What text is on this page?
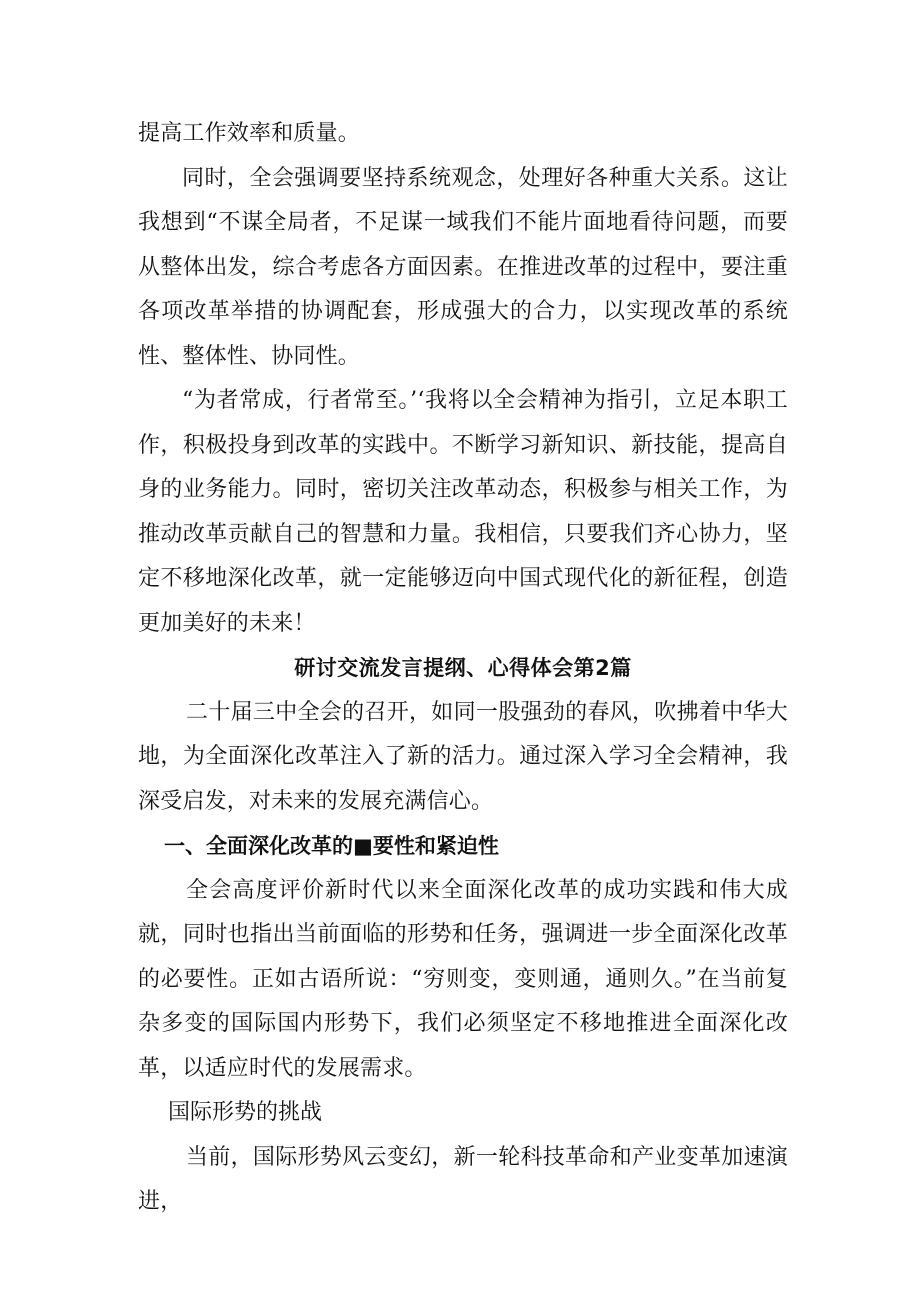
提高工作效率和质量。

同时，全会强调要坚持系统观念，处理好各种重大关系。这让我想到“不谋全局者，不足谋一域我们不能片面地看待问题，而要从整体出发，综合考虑各方面因素。在推进改革的过程中，要注重各项改革举措的协调配套，形成强大的合力，以实现改革的系统性、整体性、协同性。

“为者常成，行者常至。’‘我将以全会精神为指引，立足本职工作，积极投身到改革的实践中。不断学习新知识、新技能，提高自身的业务能力。同时，密切关注改革动态，积极参与相关工作，为推动改革贡献自己的智慧和力量。我相信，只要我们齐心协力，坚定不移地深化改革，就一定能够迈向中国式现代化的新征程，创造更加美好的未来！

研讨交流发言提纲、心得体会第2篇

二十届三中全会的召开，如同一股强劲的春风，吹拂着中华大地，为全面深化改革注入了新的活力。通过深入学习全会精神，我深受启发，对未来的发展充满信心。

一、全面深化改革的■要性和紧迫性

全会高度评价新时代以来全面深化改革的成功实践和伟大成就，同时也指出当前面临的形势和任务，强调进一步全面深化改革的必要性。正如古语所说：“穷则变，变则通，通则久。”在当前复杂多变的国际国内形势下，我们必须坚定不移地推进全面深化改革，以适应时代的发展需求。

国际形势的挑战

当前，国际形势风云变幻，新一轮科技革命和产业变革加速演进，
